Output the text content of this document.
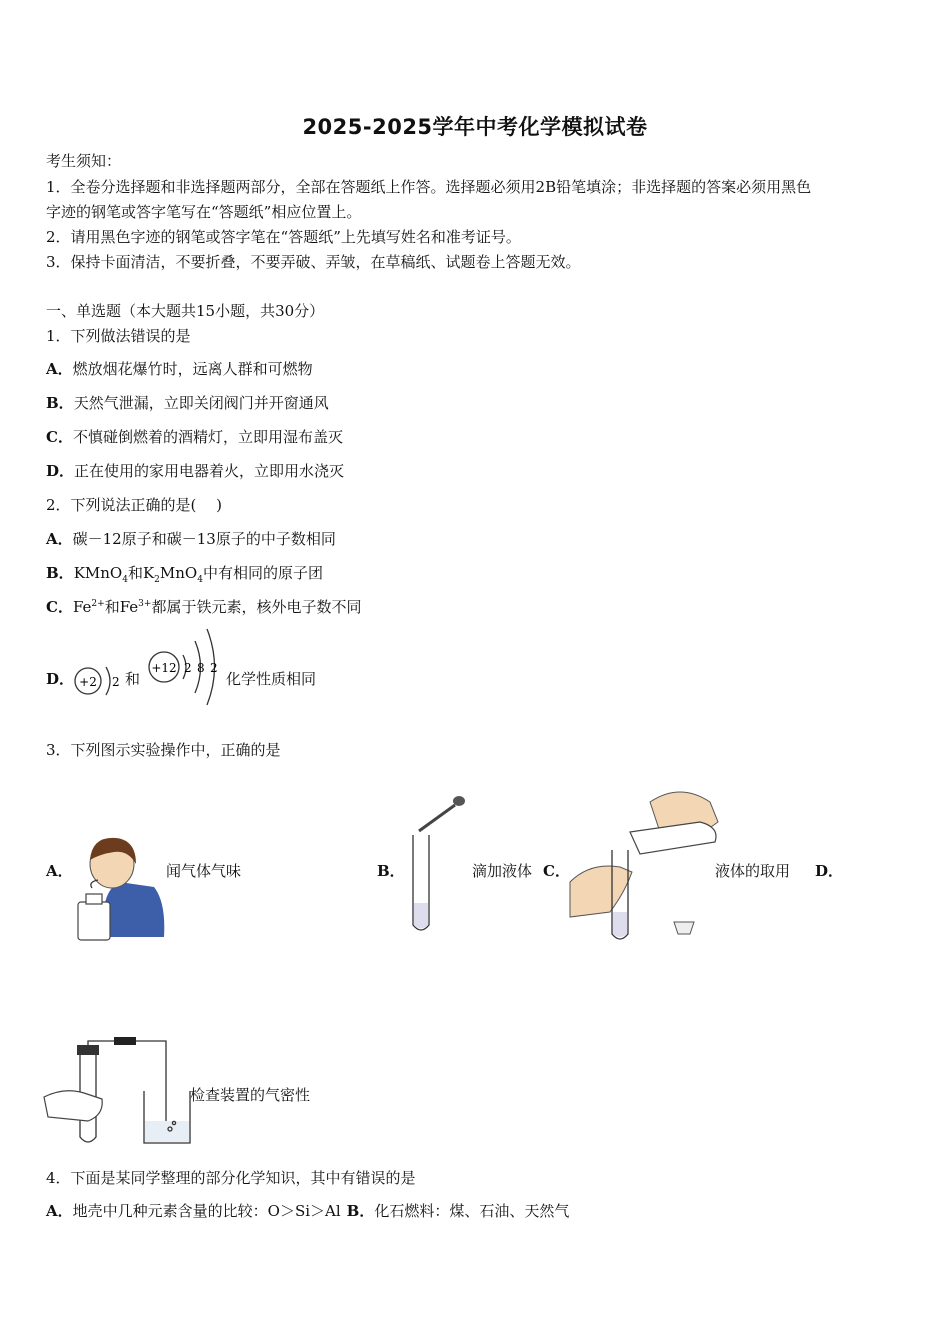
2025-2025学年中考化学模拟试卷
考生须知：
1．全卷分选择题和非选择题两部分，全部在答题纸上作答。选择题必须用2B铅笔填涂；非选择题的答案必须用黑色
字迹的钢笔或答字笔写在“答题纸”相应位置上。
2．请用黑色字迹的钢笔或答字笔在“答题纸”上先填写姓名和准考证号。
3．保持卡面清洁，不要折叠，不要弄破、弄皱，在草稿纸、试题卷上答题无效。
一、单选题（本大题共15小题，共30分）
1．下列做法错误的是
A．燃放烟花爆竹时，远离人群和可燃物
B．天然气泄漏，立即关闭阀门并开窗通风
C．不慎碰倒燃着的酒精灯，立即用湿布盖灭
D．正在使用的家用电器着火，立即用水浇灭
2．下列说法正确的是(　 )
A．碳－12原子和碳－13原子的中子数相同
B．KMnO$_4$和$K_2MnO_4$中有相同的原子团
C．$Fe^{2+}$和$Fe^{3+}$都属于铁元素，核外电子数不同
D． +2 2 和
+12 2 8 2
化学性质相同
3．下列图示实验操作中，正确的是
A．	闻气体气味	B．	滴加液体 C．	液体的取用 D．
检查装置的气密性
4．下面是某同学整理的部分化学知识，其中有错误的是
A．地壳中几种元素含量的比较：O＞Si＞Al B．化石燃料：煤、石油、天然气
